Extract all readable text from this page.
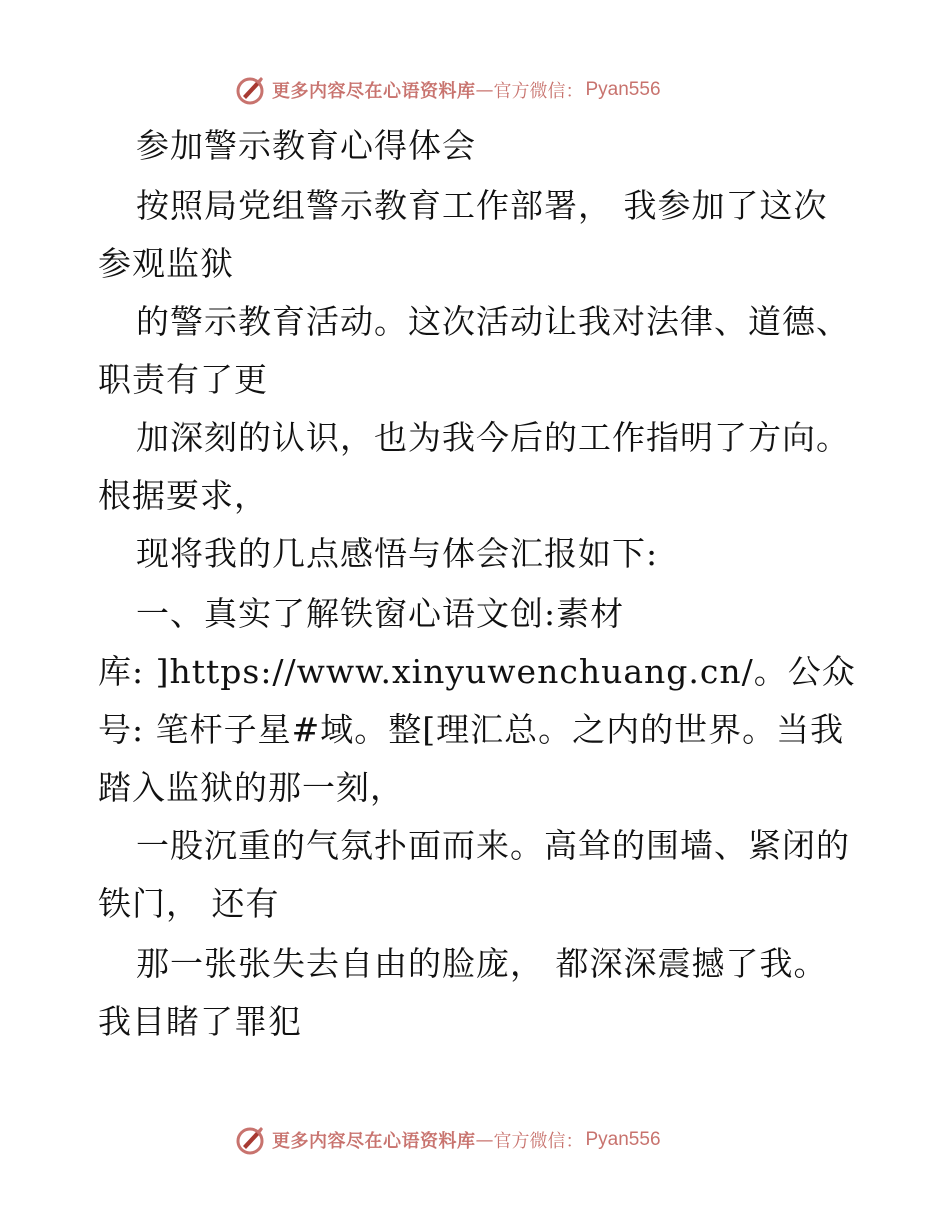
更多内容尽在心语资料库 — 官方微信： Pyan556
参加警示教育心得体会
按照局党组警示教育工作部署， 我参加了这次
参观监狱
的警示教育活动。这次活动让我对法律、道德、
职责有了更
加深刻的认识，也为我今后的工作指明了方向。
根据要求，
现将我的几点感悟与体会汇报如下:
一、真实了解铁窗心语文创:素材
库: ]https://www.xinyuwenchuang.cn/。公众
号: 笔杆子星#域。整[理汇总。之内的世界。当我
踏入监狱的那一刻，
一股沉重的气氛扑面而来。高耸的围墙、紧闭的
铁门， 还有
那一张张失去自由的脸庞， 都深深震撼了我。
我目睹了罪犯
更多内容尽在心语资料库 — 官方微信： Pyan556
